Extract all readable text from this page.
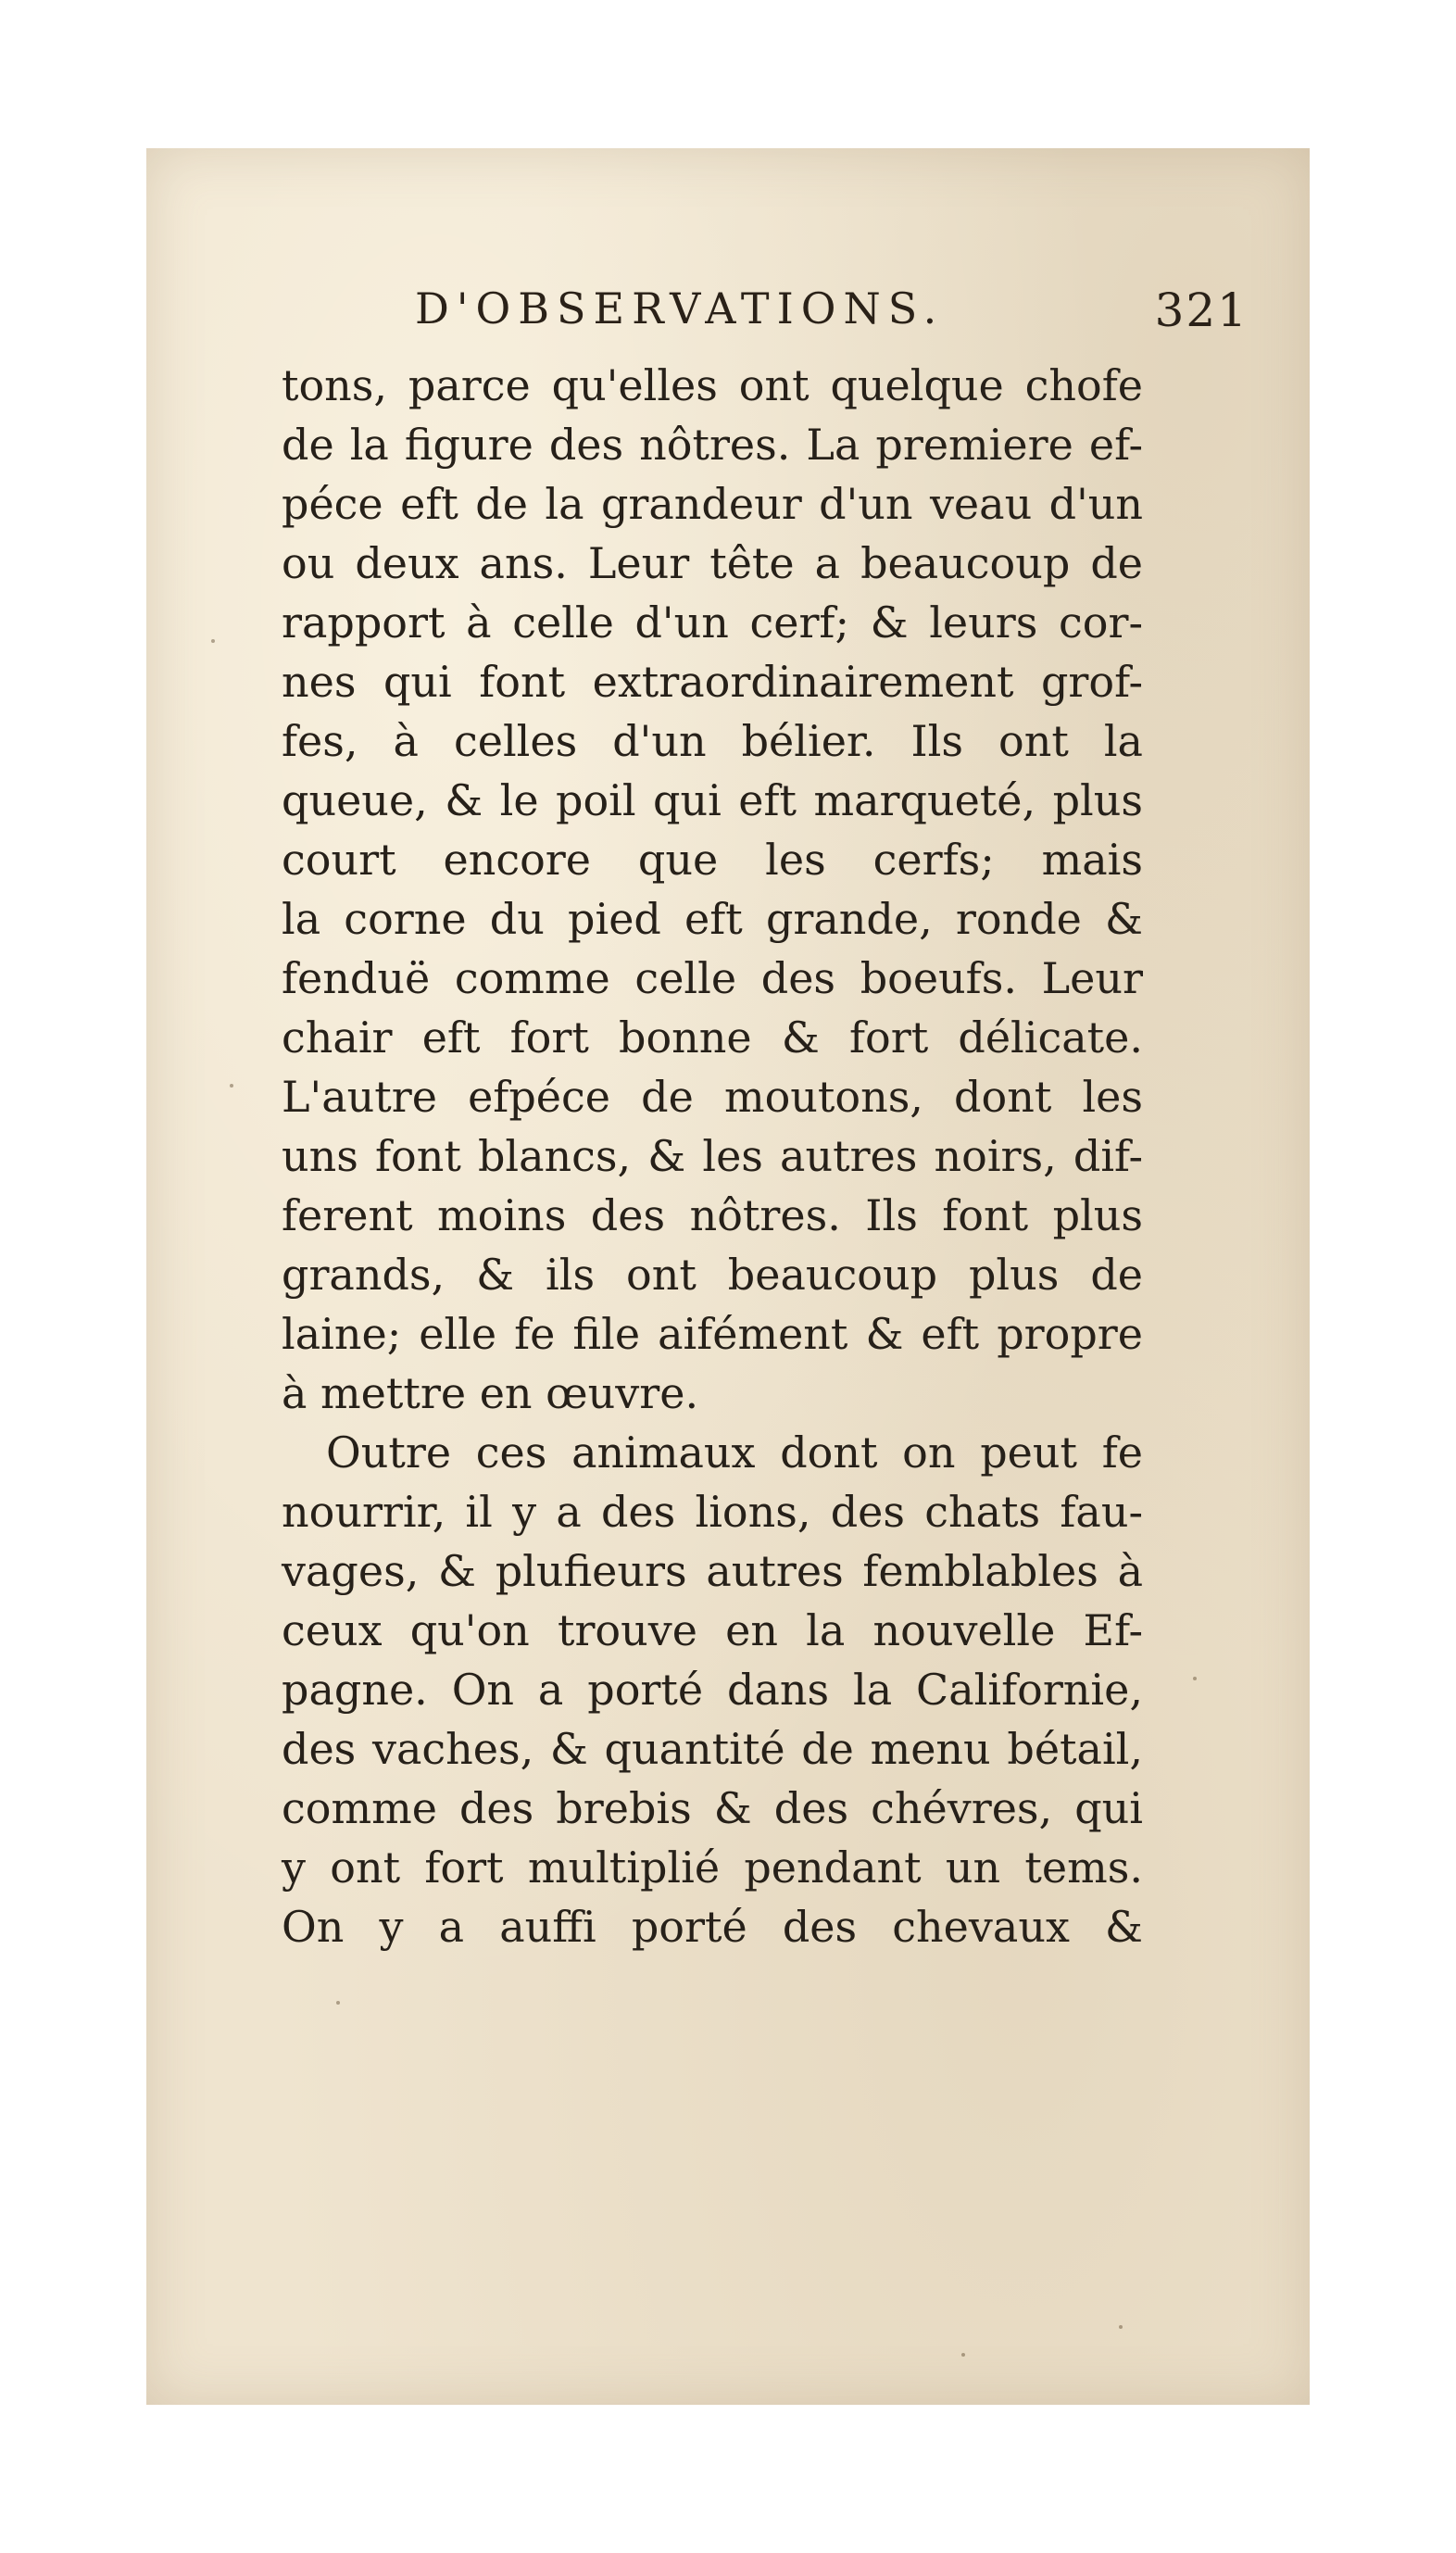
D'OBSERVATIONS.	321
tons, parce qu'elles ont quelque chofe
de la figure des nôtres. La premiere ef-
péce eft de la grandeur d'un veau d'un
ou deux ans. Leur tête a beaucoup de
rapport à celle d'un cerf; & leurs cor-
nes qui font extraordinairement grof-
fes, à celles d'un bélier. Ils ont la
queue, & le poil qui eft marqueté, plus
court encore que les cerfs; mais
la corne du pied eft grande, ronde &
fenduë comme celle des boeufs. Leur
chair eft fort bonne & fort délicate.
L'autre efpéce de moutons, dont les
uns font blancs, & les autres noirs, dif-
ferent moins des nôtres. Ils font plus
grands, & ils ont beaucoup plus de
laine; elle fe file aifément & eft propre
à mettre en œuvre.
Outre ces animaux dont on peut fe
nourrir, il y a des lions, des chats fau-
vages, & plufieurs autres femblables à
ceux qu'on trouve en la nouvelle Ef-
pagne. On a porté dans la Californie,
des vaches, & quantité de menu bétail,
comme des brebis & des chévres, qui
y ont fort multiplié pendant un tems.
On y a auffi porté des chevaux &
